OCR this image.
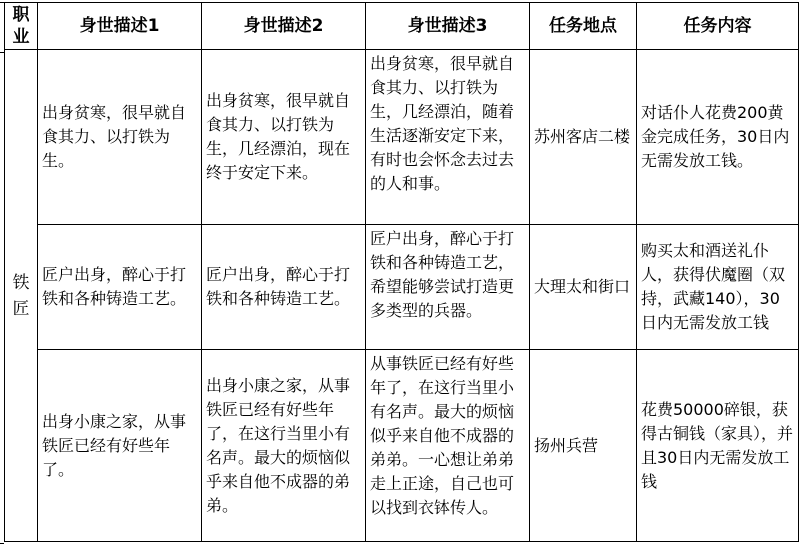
职业	身世描述1	身世描述2	身世描述3	任务地点	任务内容
铁匠	出身贫寒，很早就自食其力、以打铁为生。	出身贫寒，很早就自食其力、以打铁为生，几经漂泊，现在终于安定下来。	出身贫寒，很早就自食其力、以打铁为生，几经漂泊，随着生活逐渐安定下来，有时也会怀念去过去的人和事。	苏州客店二楼	对话仆人花费200黄金完成任务，30日内无需发放工钱。
	匠户出身，醉心于打铁和各种铸造工艺。	匠户出身，醉心于打铁和各种铸造工艺。	匠户出身，醉心于打铁和各种铸造工艺，希望能够尝试打造更多类型的兵器。	大理太和街口	购买太和酒送礼仆人，获得伏魔圈（双持，武藏140），30日内无需发放工钱
	出身小康之家，从事铁匠已经有好些年了。	出身小康之家，从事铁匠已经有好些年了，在这行当里小有名声。最大的烦恼似乎来自他不成器的弟弟。	从事铁匠已经有好些年了，在这行当里小有名声。最大的烦恼似乎来自他不成器的弟弟。一心想让弟弟走上正途，自己也可以找到衣钵传人。	扬州兵营	花费50000碎银，获得古铜钱（家具），并且30日内无需发放工钱
